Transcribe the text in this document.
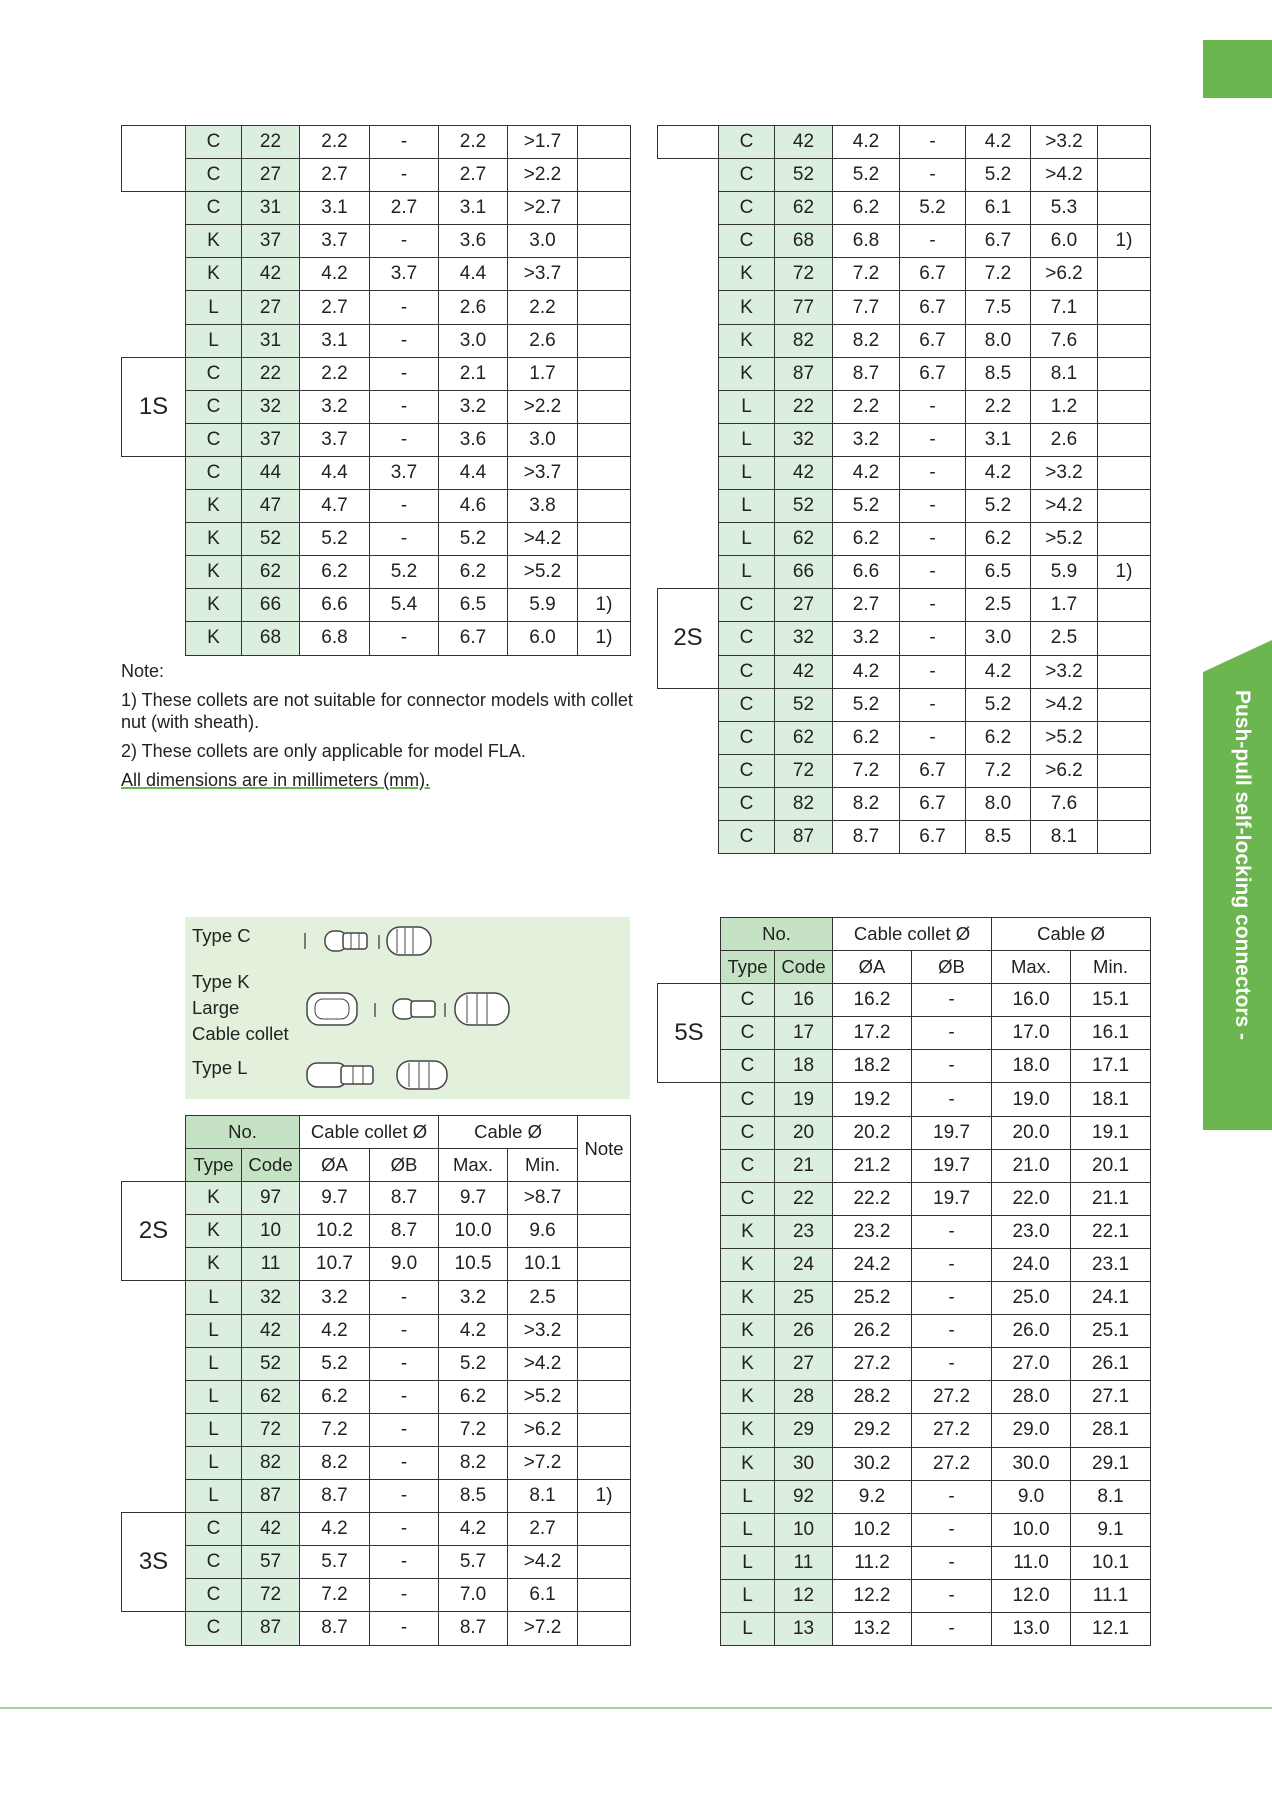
Push-pull self-locking connectors -
	C	22	2.2	-	2.2	>1.7	
	C	27	2.7	-	2.7	>2.2	
	C	31	3.1	2.7	3.1	>2.7	
	K	37	3.7	-	3.6	3.0	
	K	42	4.2	3.7	4.4	>3.7	
	L	27	2.7	-	2.6	2.2	
	L	31	3.1	-	3.0	2.6	
1S	C	22	2.2	-	2.1	1.7	
	C	32	3.2	-	3.2	>2.2	
	C	37	3.7	-	3.6	3.0	
	C	44	4.4	3.7	4.4	>3.7	
	K	47	4.7	-	4.6	3.8	
	K	52	5.2	-	5.2	>4.2	
	K	62	6.2	5.2	6.2	>5.2	
	K	66	6.6	5.4	6.5	5.9	1)
	K	68	6.8	-	6.7	6.0	1)

Note:

1) These collets are not suitable for connector models with collet nut (with sheath).

2) These collets are only applicable for model FLA.

All dimensions are in millimeters (mm).

	C	42	4.2	-	4.2	>3.2	
	C	52	5.2	-	5.2	>4.2	
	C	62	6.2	5.2	6.1	5.3	
	C	68	6.8	-	6.7	6.0	1)
	K	72	7.2	6.7	7.2	>6.2	
	K	77	7.7	6.7	7.5	7.1	
	K	82	8.2	6.7	8.0	7.6	
	K	87	8.7	6.7	8.5	8.1	
	L	22	2.2	-	2.2	1.2	
	L	32	3.2	-	3.1	2.6	
	L	42	4.2	-	4.2	>3.2	
	L	52	5.2	-	5.2	>4.2	
	L	62	6.2	-	6.2	>5.2	
	L	66	6.6	-	6.5	5.9	1)
2S	C	27	2.7	-	2.5	1.7	
	C	32	3.2	-	3.0	2.5	
	C	42	4.2	-	4.2	>3.2	
	C	52	5.2	-	5.2	>4.2	
	C	62	6.2	-	6.2	>5.2	
	C	72	7.2	6.7	7.2	>6.2	
	C	82	8.2	6.7	8.0	7.6	
	C	87	8.7	6.7	8.5	8.1	
Type C
Type K
Large
Cable collet
Type L
	No.		Cable collet Ø		Cable Ø		Note
	Type	Code	ØA	ØB	Max.	Min.	
2S	K	97	9.7	8.7	9.7	>8.7	
	K	10	10.2	8.7	10.0	9.6	
	K	11	10.7	9.0	10.5	10.1	
	L	32	3.2	-	3.2	2.5	
	L	42	4.2	-	4.2	>3.2	
	L	52	5.2	-	5.2	>4.2	
	L	62	6.2	-	6.2	>5.2	
	L	72	7.2	-	7.2	>6.2	
	L	82	8.2	-	8.2	>7.2	
	L	87	8.7	-	8.5	8.1	1)
3S	C	42	4.2	-	4.2	2.7	
	C	57	5.7	-	5.7	>4.2	
	C	72	7.2	-	7.0	6.1	
	C	87	8.7	-	8.7	>7.2	
	No.		Cable collet Ø		Cable Ø	
	Type	Code	ØA	ØB	Max.	Min.
5S	C	16	16.2	-	16.0	15.1
	C	17	17.2	-	17.0	16.1
	C	18	18.2	-	18.0	17.1
	C	19	19.2	-	19.0	18.1
	C	20	20.2	19.7	20.0	19.1
	C	21	21.2	19.7	21.0	20.1
	C	22	22.2	19.7	22.0	21.1
	K	23	23.2	-	23.0	22.1
	K	24	24.2	-	24.0	23.1
	K	25	25.2	-	25.0	24.1
	K	26	26.2	-	26.0	25.1
	K	27	27.2	-	27.0	26.1
	K	28	28.2	27.2	28.0	27.1
	K	29	29.2	27.2	29.0	28.1
	K	30	30.2	27.2	30.0	29.1
	L	92	9.2	-	9.0	8.1
	L	10	10.2	-	10.0	9.1
	L	11	11.2	-	11.0	10.1
	L	12	12.2	-	12.0	11.1
	L	13	13.2	-	13.0	12.1
